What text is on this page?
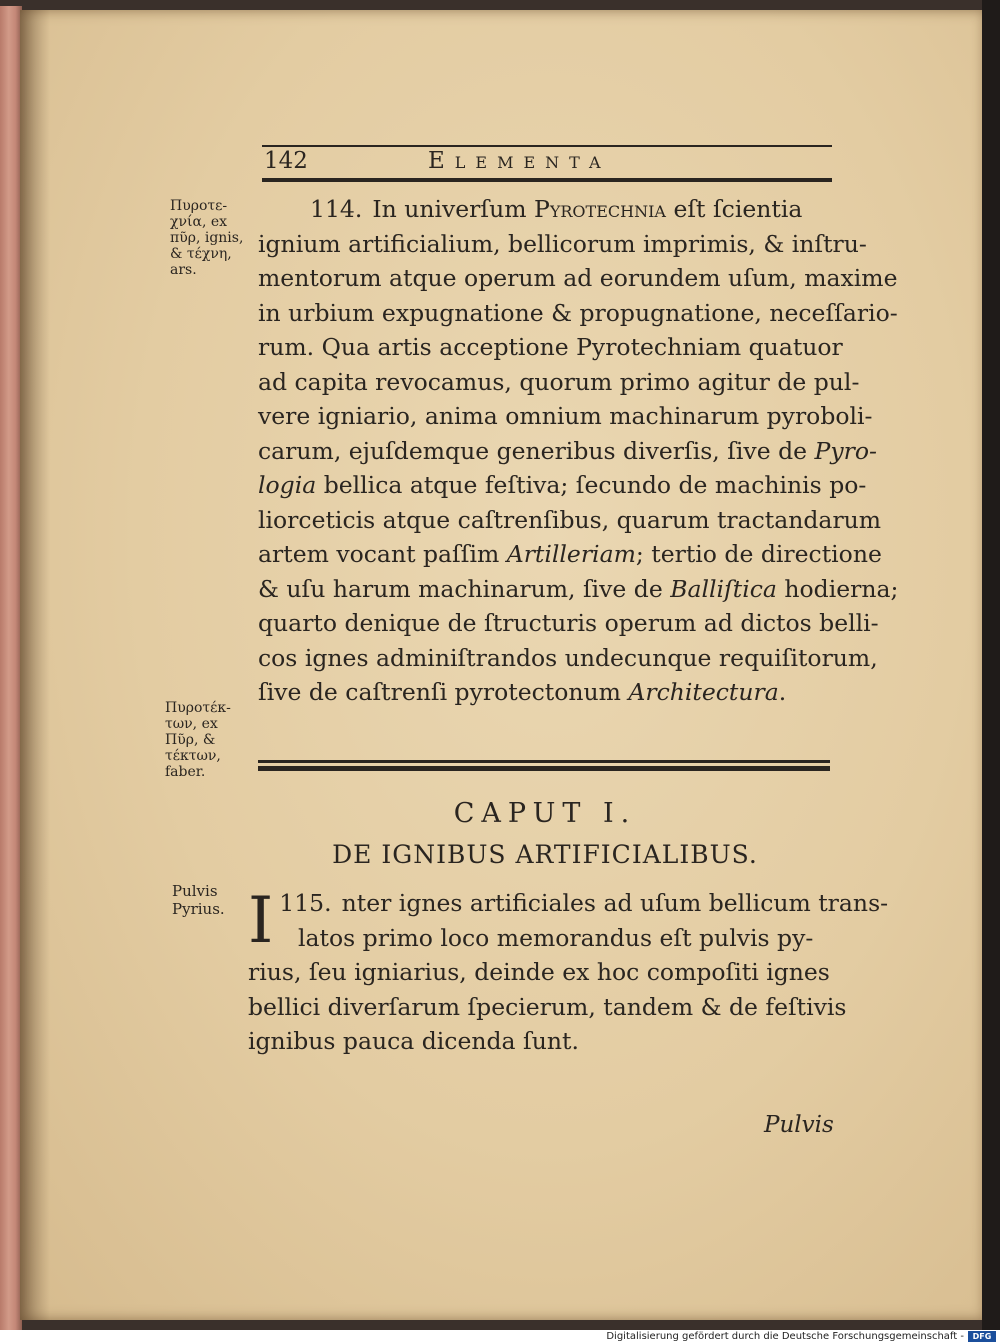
142	Elementa
Πυροτε-
χνία, ex
πῦρ, ignis,
& τέχνη,
ars.
114. In univerſum Pyrotechnia eſt ſcientia
ignium artificialium, bellicorum imprimis, & inſtru-
mentorum atque operum ad eorundem uſum, maxime
in urbium expugnatione & propugnatione, neceſſario-
rum. Qua artis acceptione Pyrotechniam quatuor
ad capita revocamus, quorum primo agitur de pul-
vere igniario, anima omnium machinarum pyroboli-
carum, ejuſdemque generibus diverſis, ſive de Pyro-
logia bellica atque feſtiva; ſecundo de machinis po-
liorceticis atque caſtrenſibus, quarum tractandarum
artem vocant paſſim Artilleriam; tertio de directione
& uſu harum machinarum, ſive de Balliſtica hodierna;
quarto denique de ſtructuris operum ad dictos belli-
cos ignes adminiſtrandos undecunque requiſitorum,
ſive de caſtrenſi pyrotectonum Architectura.
Πυροτέκ-
των, ex
Πῦρ, &
τέκτων,
faber.
CAPUT I.
DE IGNIBUS ARTIFICIALIBUS.
Pulvis
Pyrius.	115.
I	nter ignes artificiales ad uſum bellicum trans-
latos primo loco memorandus eſt pulvis py-
rius, ſeu igniarius, deinde ex hoc compoſiti ignes
bellici diverſarum ſpecierum, tandem & de feſtivis
ignibus pauca dicenda ſunt.
Pulvis
Digitalisierung gefördert durch die Deutsche Forschungsgemeinschaft -	DFG
